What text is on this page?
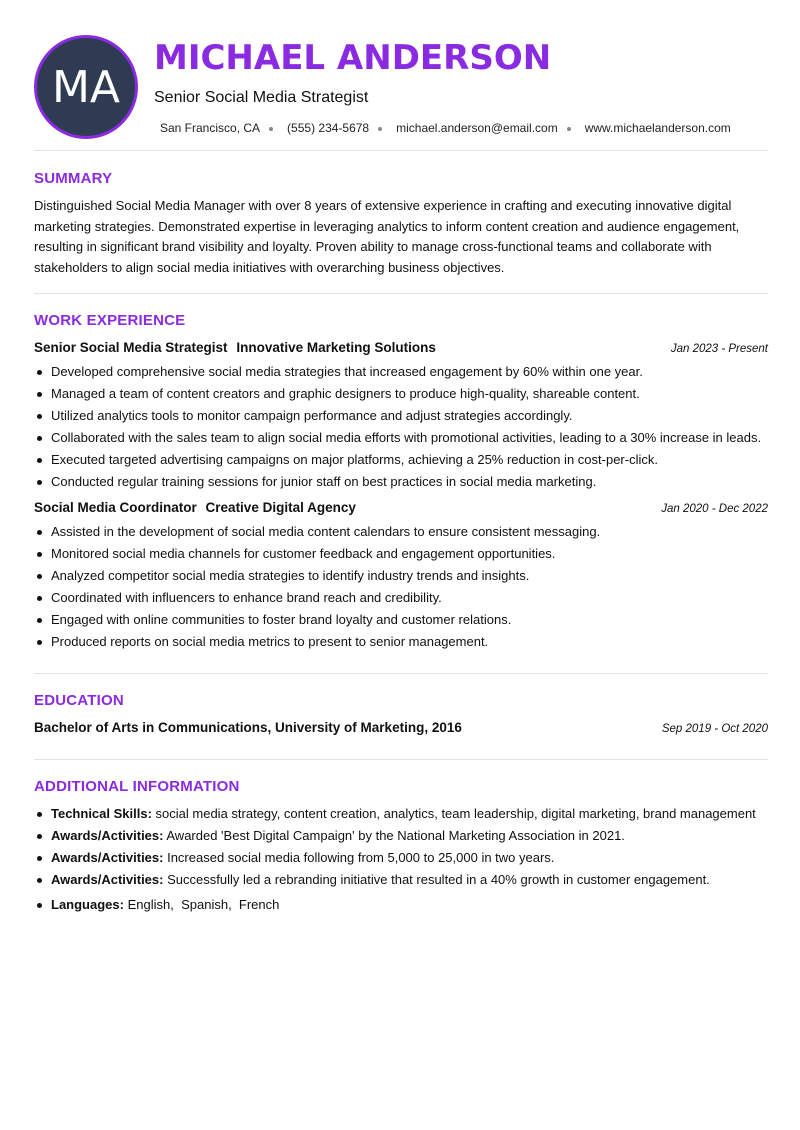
MA
MICHAEL ANDERSON
Senior Social Media Strategist
San Francisco, CA (555) 234-5678 michael.anderson@email.com www.michaelanderson.com
SUMMARY
Distinguished Social Media Manager with over 8 years of extensive experience in crafting and executing innovative digital marketing strategies. Demonstrated expertise in leveraging analytics to inform content creation and audience engagement, resulting in significant brand visibility and loyalty. Proven ability to manage cross-functional teams and collaborate with stakeholders to align social media initiatives with overarching business objectives.
WORK EXPERIENCE
Senior Social Media Strategist Innovative Marketing Solutions	Jan 2023 - Present
Developed comprehensive social media strategies that increased engagement by 60% within one year.
Managed a team of content creators and graphic designers to produce high-quality, shareable content.
Utilized analytics tools to monitor campaign performance and adjust strategies accordingly.
Collaborated with the sales team to align social media efforts with promotional activities, leading to a 30% increase in leads.
Executed targeted advertising campaigns on major platforms, achieving a 25% reduction in cost-per-click.
Conducted regular training sessions for junior staff on best practices in social media marketing.
Social Media Coordinator Creative Digital Agency	Jan 2020 - Dec 2022
Assisted in the development of social media content calendars to ensure consistent messaging.
Monitored social media channels for customer feedback and engagement opportunities.
Analyzed competitor social media strategies to identify industry trends and insights.
Coordinated with influencers to enhance brand reach and credibility.
Engaged with online communities to foster brand loyalty and customer relations.
Produced reports on social media metrics to present to senior management.
EDUCATION
Bachelor of Arts in Communications, University of Marketing, 2016	Sep 2019 - Oct 2020
ADDITIONAL INFORMATION
Technical Skills: social media strategy, content creation, analytics, team leadership, digital marketing, brand management
Awards/Activities: Awarded 'Best Digital Campaign' by the National Marketing Association in 2021.
Awards/Activities: Increased social media following from 5,000 to 25,000 in two years.
Awards/Activities: Successfully led a rebranding initiative that resulted in a 40% growth in customer engagement.
Languages: English , Spanish , French
